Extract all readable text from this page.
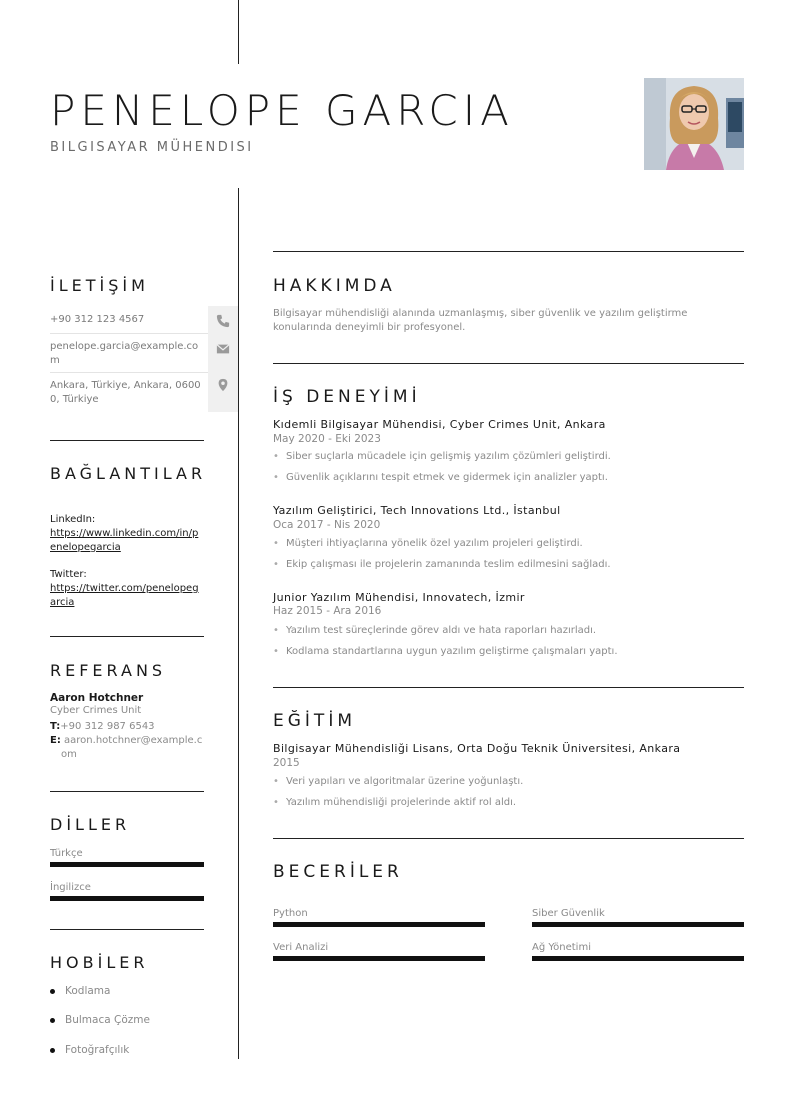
PENELOPE GARCIA
BILGISAYAR MÜHENDISI
İLETİŞİM
+90 312 123 4567
penelope.garcia@example.com
Ankara, Türkiye, Ankara, 06000, Türkiye
BAĞLANTILAR
LinkedIn:
https://www.linkedin.com/in/penelopegarcia
Twitter:
https://twitter.com/penelopegarcia
REFERANS
Aaron Hotchner
Cyber Crimes Unit
T:+90 312 987 6543
E: aaron.hotchner@example.com
DİLLER
Türkçe
İngilizce
HOBİLER
Kodlama
Bulmaca Çözme
Fotoğrafçılık
HAKKIMDA
Bilgisayar mühendisliği alanında uzmanlaşmış, siber güvenlik ve yazılım geliştirme konularında deneyimli bir profesyonel.
İŞ DENEYİMİ
Kıdemli Bilgisayar Mühendisi, Cyber Crimes Unit, Ankara
May 2020 - Eki 2023
• Siber suçlarla mücadele için gelişmiş yazılım çözümleri geliştirdi.
• Güvenlik açıklarını tespit etmek ve gidermek için analizler yaptı.
Yazılım Geliştirici, Tech Innovations Ltd., İstanbul
Oca 2017 - Nis 2020
• Müşteri ihtiyaçlarına yönelik özel yazılım projeleri geliştirdi.
• Ekip çalışması ile projelerin zamanında teslim edilmesini sağladı.
Junior Yazılım Mühendisi, Innovatech, İzmir
Haz 2015 - Ara 2016
• Yazılım test süreçlerinde görev aldı ve hata raporları hazırladı.
• Kodlama standartlarına uygun yazılım geliştirme çalışmaları yaptı.
EĞİTİM
Bilgisayar Mühendisliği Lisans, Orta Doğu Teknik Üniversitesi, Ankara
2015
• Veri yapıları ve algoritmalar üzerine yoğunlaştı.
• Yazılım mühendisliği projelerinde aktif rol aldı.
BECERİLER
Python	Siber Güvenlik
Veri Analizi	Ağ Yönetimi
